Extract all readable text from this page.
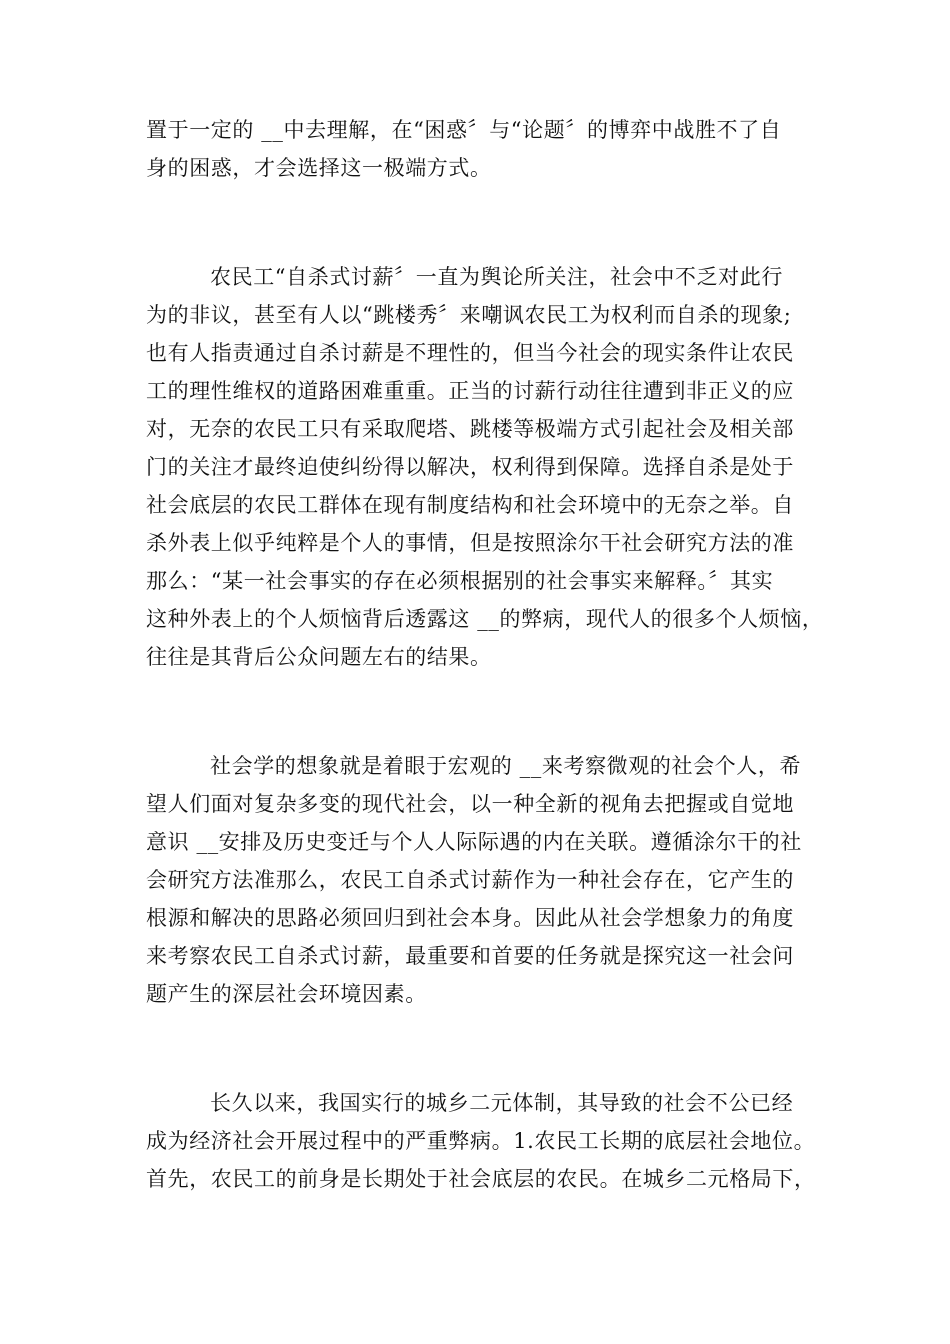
置于一定的 __中去理解，在“困惑〞与“论题〞的博弈中战胜不了自
身的困惑，才会选择这一极端方式。
农民工“自杀式讨薪〞一直为舆论所关注，社会中不乏对此行
为的非议，甚至有人以“跳楼秀〞来嘲讽农民工为权利而自杀的现象;
也有人指责通过自杀讨薪是不理性的，但当今社会的现实条件让农民
工的理性维权的道路困难重重。正当的讨薪行动往往遭到非正义的应
对，无奈的农民工只有采取爬塔、跳楼等极端方式引起社会及相关部
门的关注才最终迫使纠纷得以解决，权利得到保障。选择自杀是处于
社会底层的农民工群体在现有制度结构和社会环境中的无奈之举。自
杀外表上似乎纯粹是个人的事情，但是按照涂尔干社会研究方法的准
那么：“某一社会事实的存在必须根据别的社会事实来解释。〞其实
这种外表上的个人烦恼背后透露这 __的弊病，现代人的很多个人烦恼，
往往是其背后公众问题左右的结果。
社会学的想象就是着眼于宏观的 __来考察微观的社会个人，希
望人们面对复杂多变的现代社会，以一种全新的视角去把握或自觉地
意识 __安排及历史变迁与个人人际际遇的内在关联。遵循涂尔干的社
会研究方法准那么，农民工自杀式讨薪作为一种社会存在，它产生的
根源和解决的思路必须回归到社会本身。因此从社会学想象力的角度
来考察农民工自杀式讨薪，最重要和首要的任务就是探究这一社会问
题产生的深层社会环境因素。
长久以来，我国实行的城乡二元体制，其导致的社会不公已经
成为经济社会开展过程中的严重弊病。1.农民工长期的底层社会地位。
首先，农民工的前身是长期处于社会底层的农民。在城乡二元格局下，
